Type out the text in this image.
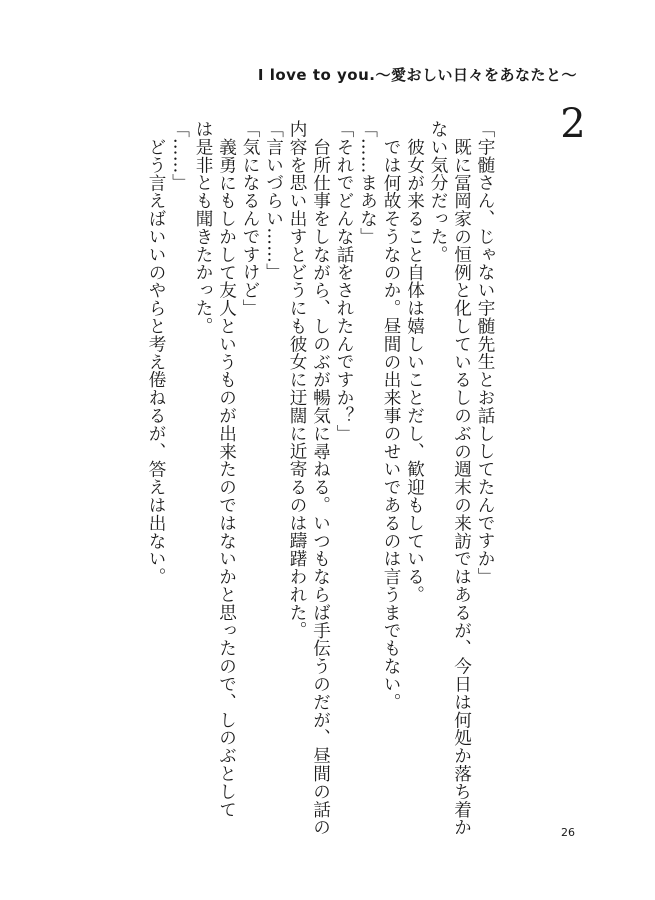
I love to you.〜愛おしい日々をあなたと〜
2
「宇髄さん、じゃない宇髄先生とお話ししてたんですか」
既に冨岡家の恒例と化しているしのぶの週末の来訪ではあるが、今日は何処か落ち着か
ない気分だった。
彼女が来ること自体は嬉しいことだし、歓迎もしている。
では何故そうなのか。昼間の出来事のせいであるのは言うまでもない。
「……まあな」
「それでどんな話をされたんですか？」
台所仕事をしながら、しのぶが暢気に尋ねる。いつもならば手伝うのだが、昼間の話の
内容を思い出すとどうにも彼女に迂闊に近寄るのは躊躇われた。
「言いづらい……」
「気になるんですけど」
義勇にもしかして友人というものが出来たのではないかと思ったので、しのぶとして
は是非とも聞きたかった。
「……」
どう言えばいいのやらと考え倦ねるが、答えは出ない。
26
